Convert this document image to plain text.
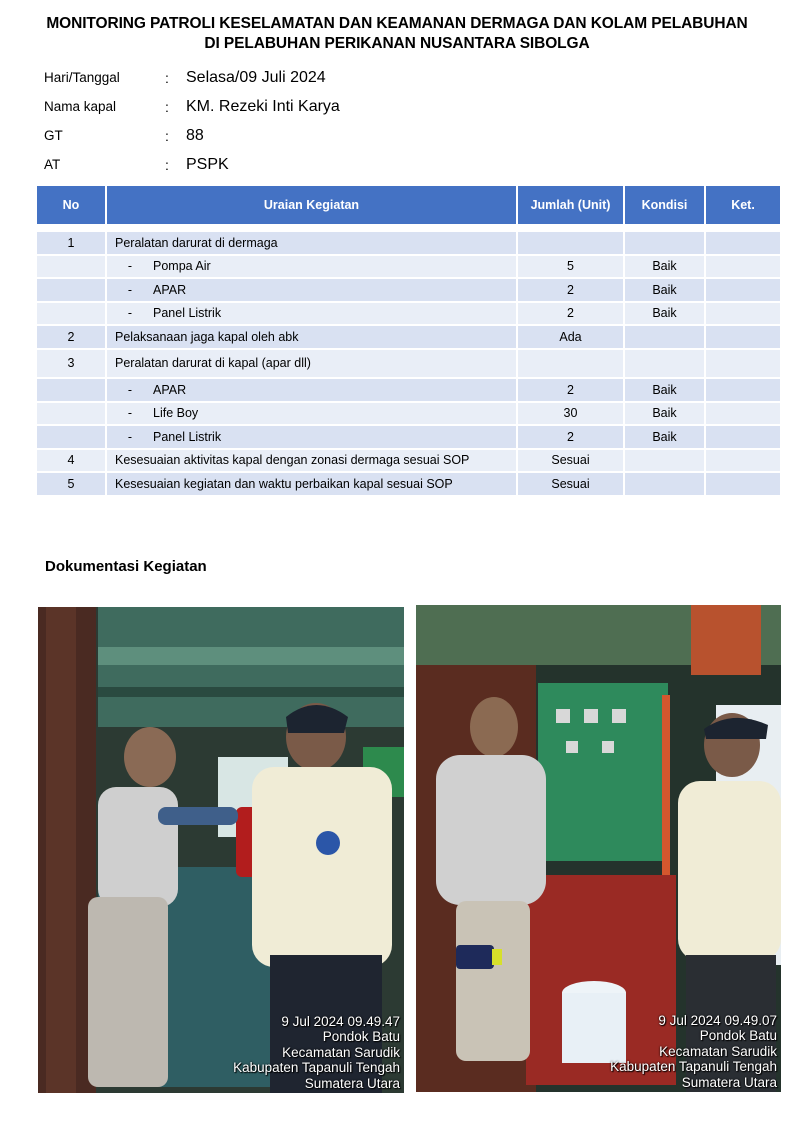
MONITORING PATROLI KESELAMATAN DAN KEAMANAN DERMAGA DAN KOLAM PELABUHAN
DI PELABUHAN PERIKANAN NUSANTARA SIBOLGA
Hari/Tanggal	: Selasa/09 Juli 2024
Nama kapal	: KM. Rezeki Inti Karya
GT	: 88
AT	: PSPK
No	Uraian Kegiatan	Jumlah (Unit)	Kondisi	Ket.

1	Peralatan darurat di dermaga			
	- Pompa Air	5	Baik	
	- APAR	2	Baik	
	- Panel Listrik	2	Baik	
2	Pelaksanaan jaga kapal oleh abk	Ada		
3	Peralatan darurat di kapal (apar dll)			
	- APAR	2	Baik	
	- Life Boy	30	Baik	
	- Panel Listrik	2	Baik	
4	Kesesuaian aktivitas kapal dengan zonasi dermaga sesuai SOP	Sesuai		
5	Kesesuaian kegiatan dan waktu perbaikan kapal sesuai SOP	Sesuai		
Dokumentasi Kegiatan
9 Jul 2024 09.49.47
Pondok Batu
Kecamatan Sarudik
Kabupaten Tapanuli Tengah
Sumatera Utara
9 Jul 2024 09.49.07
Pondok Batu
Kecamatan Sarudik
Kabupaten Tapanuli Tengah
Sumatera Utara
